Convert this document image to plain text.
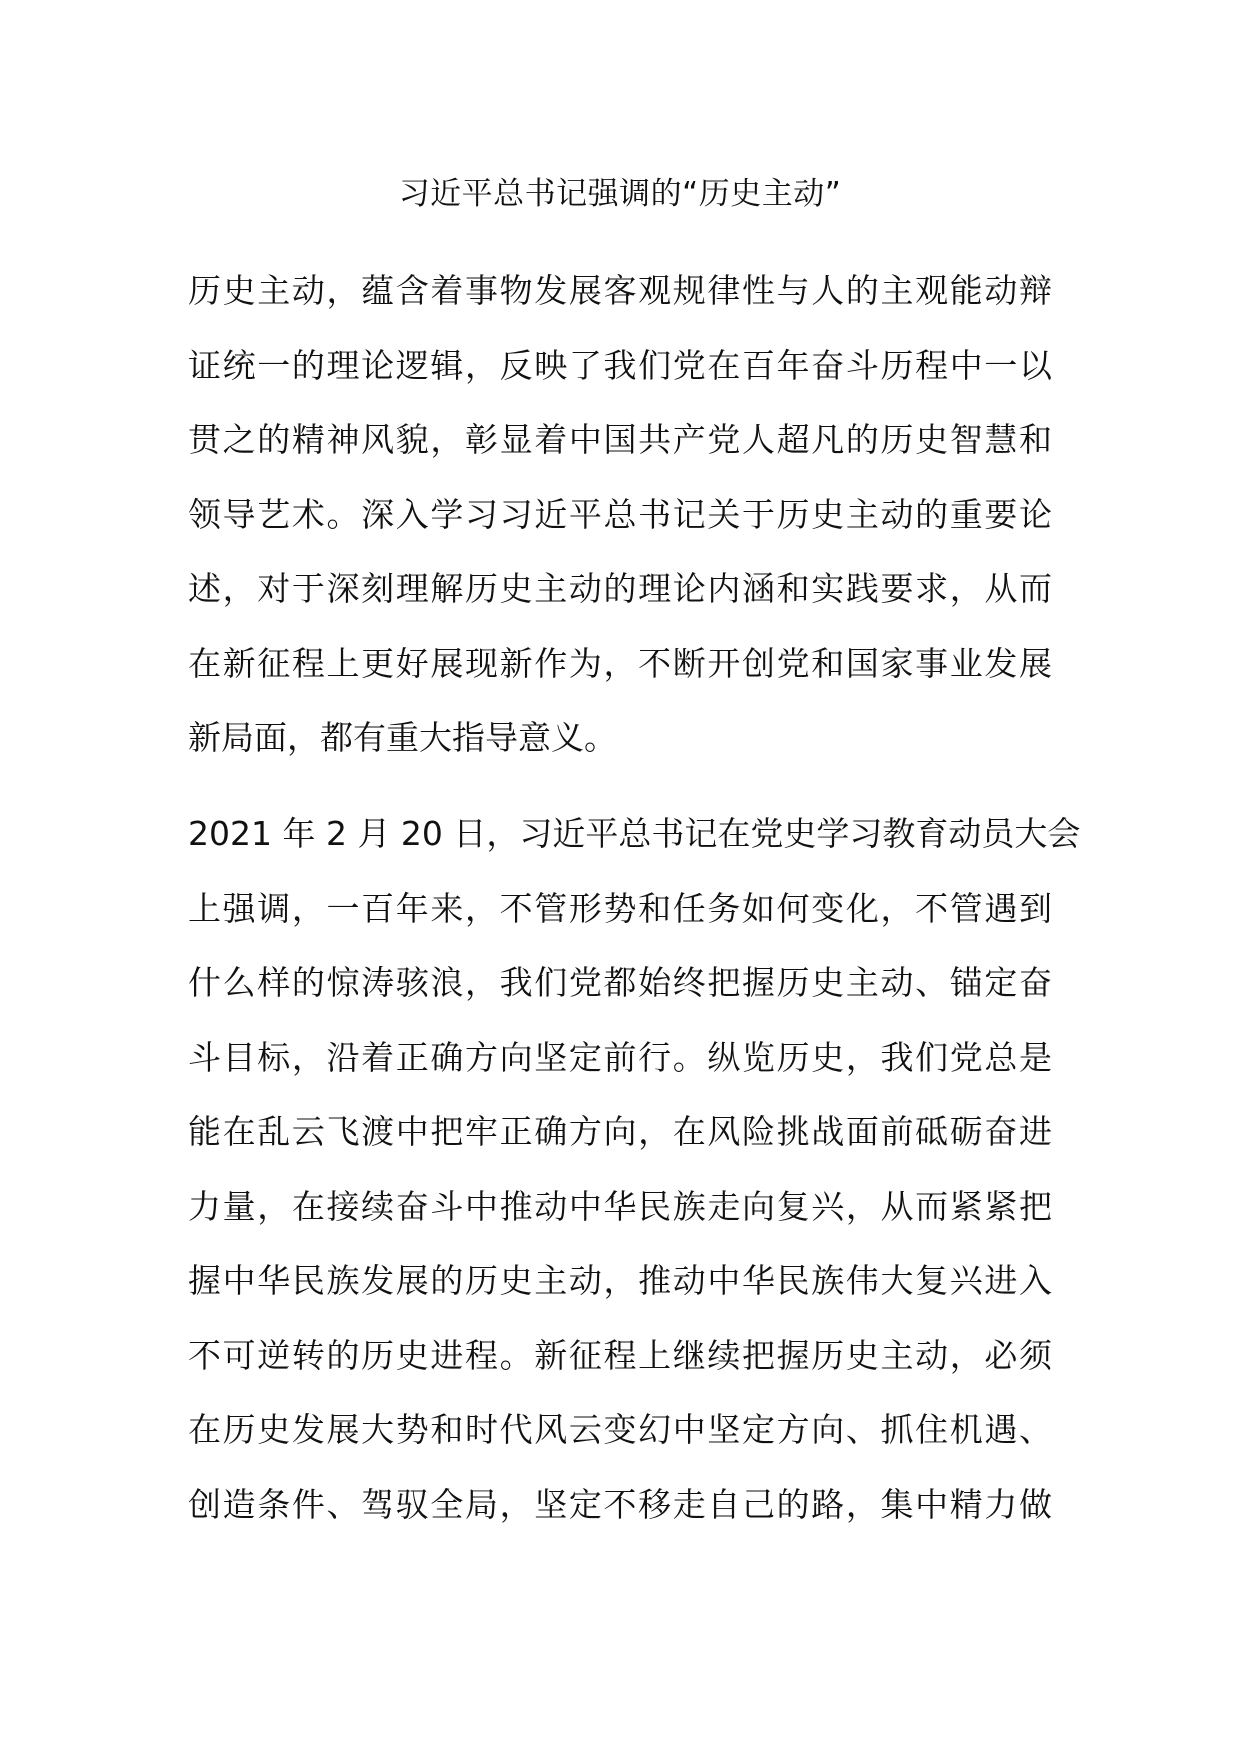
习近平总书记强调的“历史主动”
历史主动，蕴含着事物发展客观规律性与人的主观能动辩
证统一的理论逻辑，反映了我们党在百年奋斗历程中一以
贯之的精神风貌，彰显着中国共产党人超凡的历史智慧和
领导艺术。深入学习习近平总书记关于历史主动的重要论
述，对于深刻理解历史主动的理论内涵和实践要求，从而
在新征程上更好展现新作为，不断开创党和国家事业发展
新局面，都有重大指导意义。
2021 年 2 月 20 日，习近平总书记在党史学习教育动员大会
上强调，一百年来，不管形势和任务如何变化，不管遇到
什么样的惊涛骇浪，我们党都始终把握历史主动、锚定奋
斗目标，沿着正确方向坚定前行。纵览历史，我们党总是
能在乱云飞渡中把牢正确方向，在风险挑战面前砥砺奋进
力量，在接续奋斗中推动中华民族走向复兴，从而紧紧把
握中华民族发展的历史主动，推动中华民族伟大复兴进入
不可逆转的历史进程。新征程上继续把握历史主动，必须
在历史发展大势和时代风云变幻中坚定方向、抓住机遇、
创造条件、驾驭全局，坚定不移走自己的路，集中精力做
